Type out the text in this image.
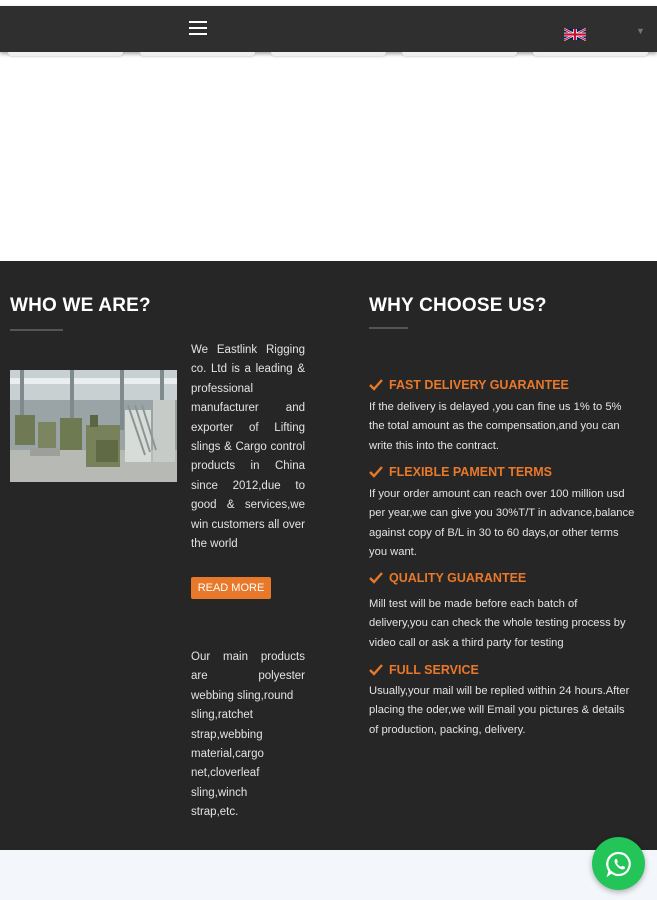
▼
WHO WE ARE?

We Eastlink Rigging co. Ltd is a leading & professional manufacturer and exporter of Lifting slings & Cargo control products in China since 2012,due to good & services,we win customers all over the world

READ MORE
Our main products
are polyester
webbing sling,round
sling,ratchet
strap,webbing
material,cargo
net,cloverleaf
sling,winch
strap,etc.
WHY CHOOSE US?
FAST DELIVERY GUARANTEE
If the delivery is delayed ,you can fine us 1% to 5%
the total amount as the compensation,and you can
write this into the contract.
FLEXIBLE PAMENT TERMS
If your order amount can reach over 100 million usd
per year,we can give you 30%T/T in advance,balance
against copy of B/L in 30 to 60 days,or other terms
you want.
QUALITY GUARANTEE
Mill test will be made before each batch of
delivery,you can check the whole testing process by
video call or ask a third party for testing
FULL SERVICE
Usually,your mail will be replied within 24 hours.After
placing the oder,we will Email you pictures & details
of production, packing, delivery.
